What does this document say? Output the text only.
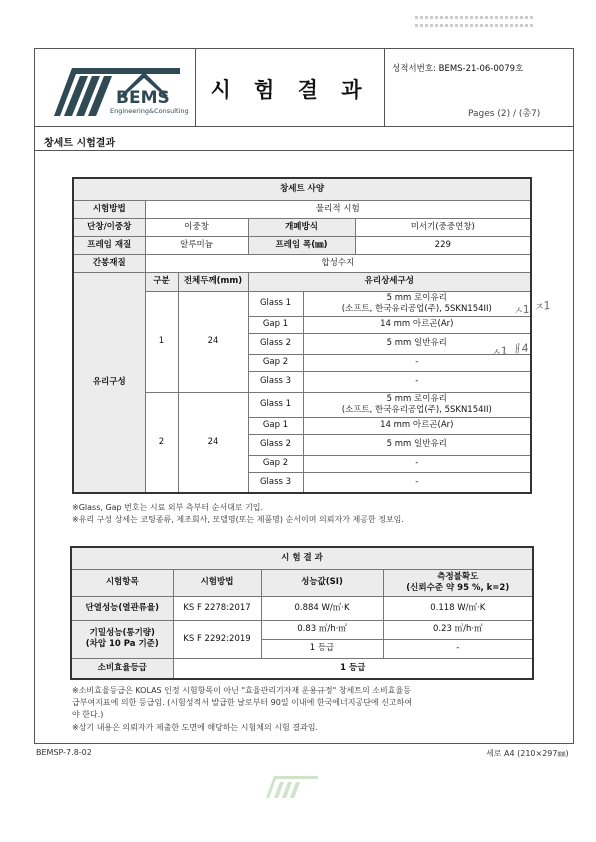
BEMS
Engineering&Consulting
시 험 결 과
성적서번호: BEMS-21-06-0079호
Pages (2) / (총7)
창세트 시험결과
창세트 사양					
시험방법	물리적 시험				
단창/이중창	이중창		개폐방식		미서기(중중연창)
프레임 재질	알루미늄		프레임 폭(㎜)		229
간봉재질	합성수지				
유리구성	구분	전체두께(mm)	유리상세구성		
	1	24	Glass 1	5 mm 로이유리
(소프트, 한국유리공업(주), 5SKN154II)	

			Gap 1	14 mm 아르곤(Ar)	
			Glass 2	5 mm 일반유리	
			Gap 2	-	
			Glass 3	-	
	2	24	Glass 1	5 mm 로이유리
(소프트, 한국유리공업(주), 5SKN154II)	

			Gap 1	14 mm 아르곤(Ar)	
			Glass 2	5 mm 일반유리	
			Gap 2	-	
			Glass 3	-	
ㅅ1 ㅈ1
ㅅ1 ㅐ4
※Glass, Gap 번호는 시료 외부 측부터 순서대로 기입.
※유리 구성 상세는 코팅종류, 제조회사, 모델명(또는 제품명) 순서이며 의뢰자가 제공한 정보임.
시 험 결 과			
시험항목	시험방법	성능값(SI)	측정불확도
(신뢰수준 약 95 %, k=2)

단열성능(열관류율)	KS F 2278:2017	0.884 W/㎡·K	0.118 W/㎡·K

기밀성능(통기량)
(차압 10 Pa 기준)	KS F 2292:2019	0.83 ㎥/h·㎡	0.23 ㎥/h·㎡
		1 등급	-
소비효율등급	1 등급		
※소비효율등급은 KOLAS 인정 시험항목이 아닌 "효율관리기자재 운용규정" 창세트의 소비효율등
급부여지표에 의한 등급임. (시험성적서 발급한 날로부터 90일 이내에 한국에너지공단에 신고하여
야 한다.)
※상기 내용은 의뢰자가 제출한 도면에 해당하는 시험체의 시험 결과임.
BEMSP-7.8-02	세로 A4 (210×297㎜)
